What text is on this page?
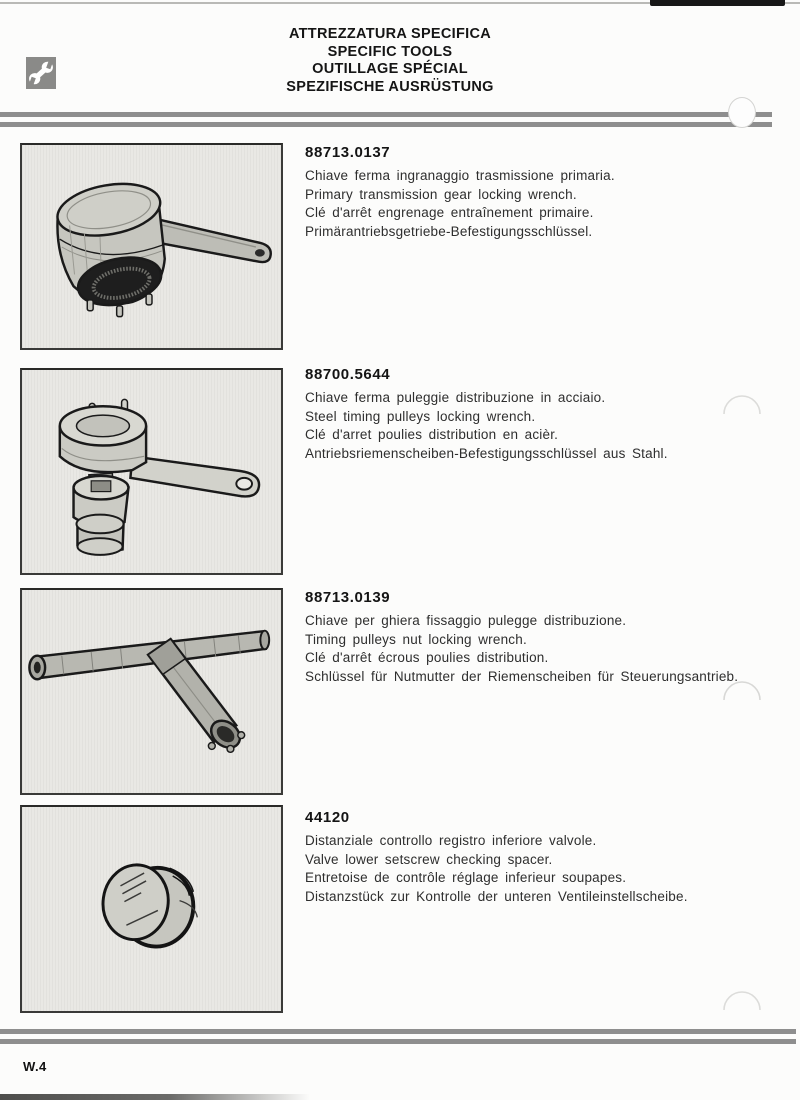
ATTREZZATURA SPECIFICA
SPECIFIC TOOLS
OUTILLAGE SPÉCIAL
SPEZIFISCHE AUSRÜSTUNG
88713.0137
Chiave ferma ingranaggio trasmissione primaria.
Primary transmission gear locking wrench.
Clé d'arrêt engrenage entraînement primaire.
Primärantriebsgetriebe-Befestigungsschlüssel.
88700.5644
Chiave ferma puleggie distribuzione in acciaio.
Steel timing pulleys locking wrench.
Clé d'arret poulies distribution en acièr.
Antriebsriemenscheiben-Befestigungsschlüssel aus Stahl.
88713.0139
Chiave per ghiera fissaggio pulegge distribuzione.
Timing pulleys nut locking wrench.
Clé d'arrêt écrous poulies distribution.
Schlüssel für Nutmutter der Riemenscheiben für Steuerungsantrieb.
44120
Distanziale controllo registro inferiore valvole.
Valve lower setscrew checking spacer.
Entretoise de contrôle réglage inferieur soupapes.
Distanzstück zur Kontrolle der unteren Ventileinstellscheibe.
W.4
